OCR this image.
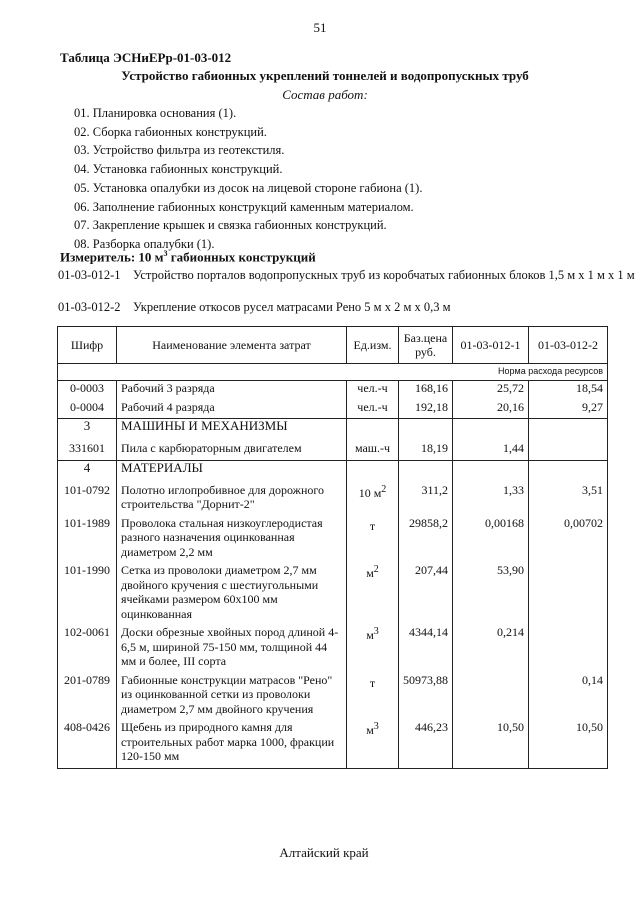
51
Таблица ЭСНиЕРр-01-03-012
Устройство габионных укреплений тоннелей и водопропускных труб
Состав работ:
01. Планировка основания (1).
02. Сборка габионных конструкций.
03. Устройство фильтра из геотекстиля.
04. Установка габионных конструкций.
05. Установка опалубки из досок на лицевой стороне габиона (1).
06. Заполнение габионных конструкций каменным материалом.
07. Закрепление крышек и связка габионных конструкций.
08. Разборка опалубки (1).
Измеритель: 10 $м^3$ габионных конструкций
01-03-012-1	Устройство порталов водопропускных труб из коробчатых габионных блоков 1,5 м x 1 м x 1 м
01-03-012-2	Укрепление откосов русел матрасами Рено 5 м x 2 м x 0,3 м
Шифр	Наименование элемента затрат	Ед.изм.	Баз.цена руб.	01-03-012-1	01-03-012-2
Норма расхода ресурсов					
0-0003	Рабочий 3 разряда	чел.-ч	168,16	25,72	18,54
0-0004	Рабочий 4 разряда	чел.-ч	192,18	20,16	9,27
3	МАШИНЫ И МЕХАНИЗМЫ				
331601	Пила с карбюраторным двигателем	маш.-ч	18,19	1,44	
4	МАТЕРИАЛЫ				
101-0792	Полотно иглопробивное для дорожного строительства "Дорнит-2"	10 $м^2$	311,2	1,33	3,51
101-1989	Проволока стальная низкоуглеродистая разного назначения оцинкованная диаметром 2,2 мм	т	29858,2	0,00168	0,00702
101-1990	Сетка из проволоки диаметром 2,7 мм двойного кручения с шестиугольными ячейками размером 60x100 мм оцинкованная	$м^2$	207,44	53,90	
102-0061	Доски обрезные хвойных пород длиной 4-6,5 м, шириной 75-150 мм, толщиной 44 мм и более, III сорта	$м^3$	4344,14	0,214	
201-0789	Габионные конструкции матрасов "Рено" из оцинкованной сетки из проволоки диаметром 2,7 мм двойного кручения	т	50973,88		0,14
408-0426	Щебень из природного камня для строительных работ марка 1000, фракции 120-150 мм	$м^3$	446,23	10,50	10,50
Алтайский край
